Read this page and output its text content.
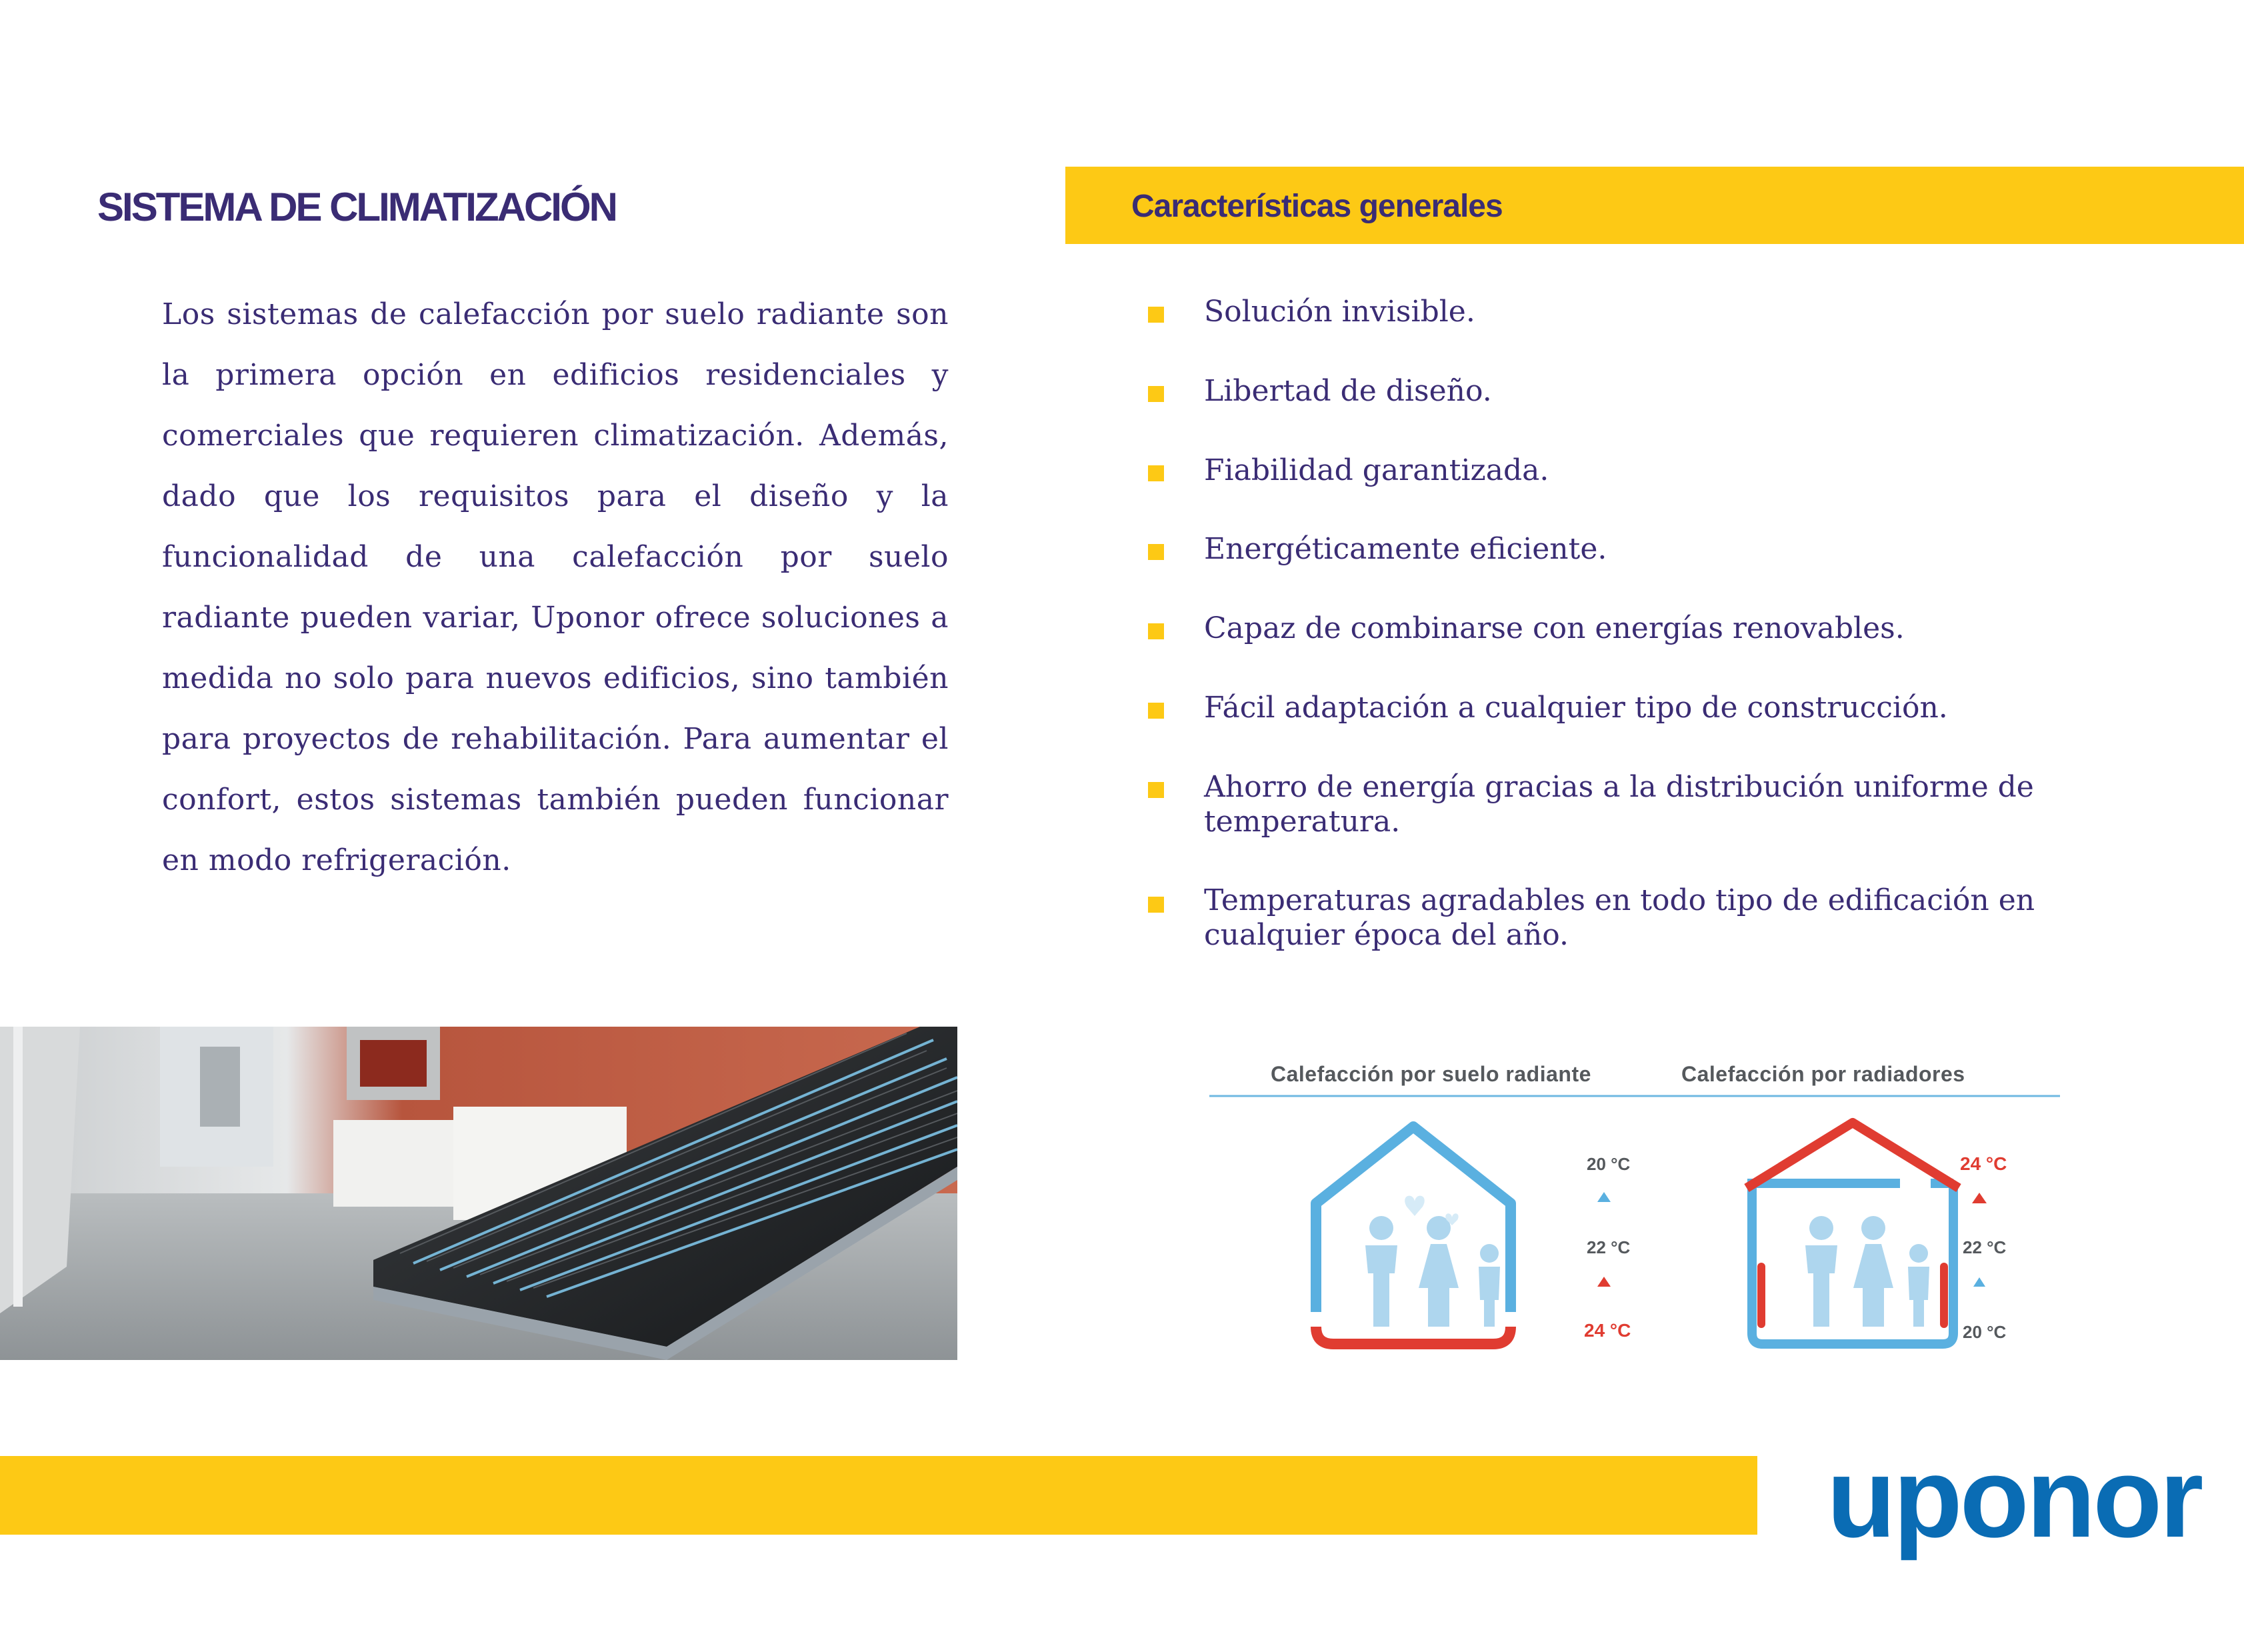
SISTEMA DE CLIMATIZACIÓN
Los sistemas de calefacción por suelo radiante son la primera opción en edificios residenciales y comerciales que requieren climatización. Además, dado que los requisitos para el diseño y la funcionalidad de una calefacción por suelo radiante pueden variar, Uponor ofrece soluciones a medida no solo para nuevos edificios, sino también para proyectos de rehabilitación. Para aumentar el confort, estos sistemas también pueden funcionar en modo refrigeración.
Características generales
Solución invisible.
Libertad de diseño.
Fiabilidad garantizada.
Energéticamente eficiente.
Capaz de combinarse con energías renovables.
Fácil adaptación a cualquier tipo de construcción.
Ahorro de energía gracias a la distribución uniforme de temperatura.
Temperaturas agradables en todo tipo de edificación en cualquier época del año.
Calefacción por suelo radiante	Calefacción por radiadores
20 °C
22 °C
24 °C
24 °C
22 °C
20 °C
uponor
